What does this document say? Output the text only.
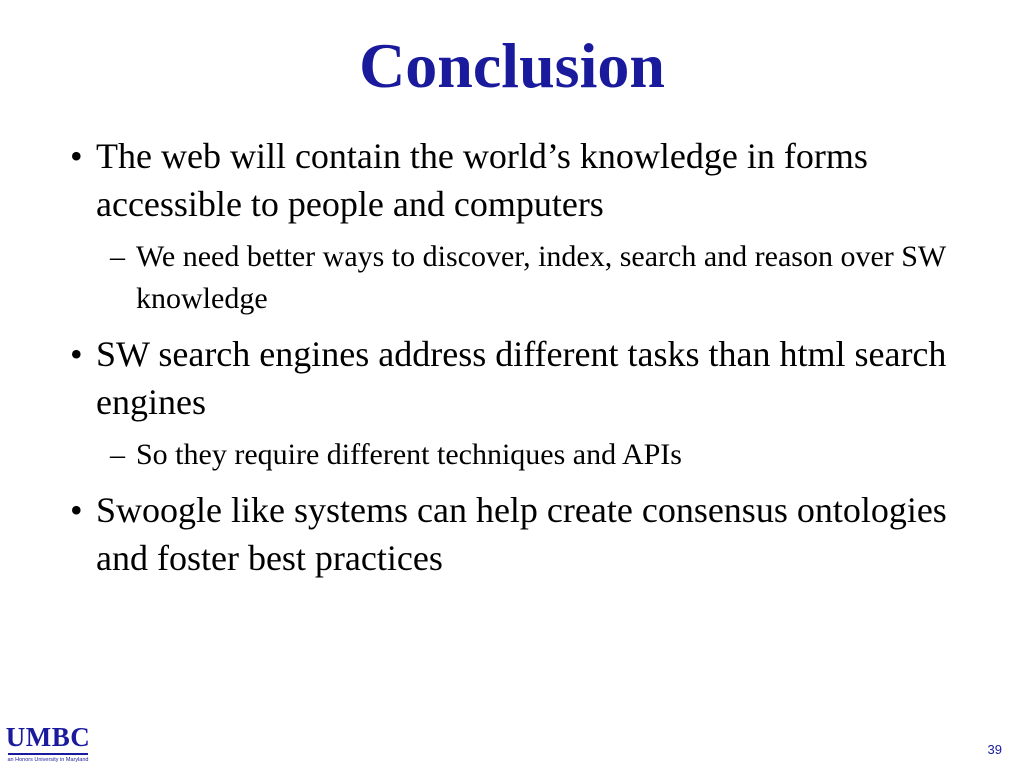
Conclusion
• The web will contain the world’s knowledge in forms accessible to people and computers
– We need better ways to discover, index, search and reason over SW knowledge
• SW search engines address different tasks than html search engines
– So they require different techniques and APIs
• Swoogle like systems can help create consensus ontologies and foster best practices
UMBC
an Honors University in Maryland
39
